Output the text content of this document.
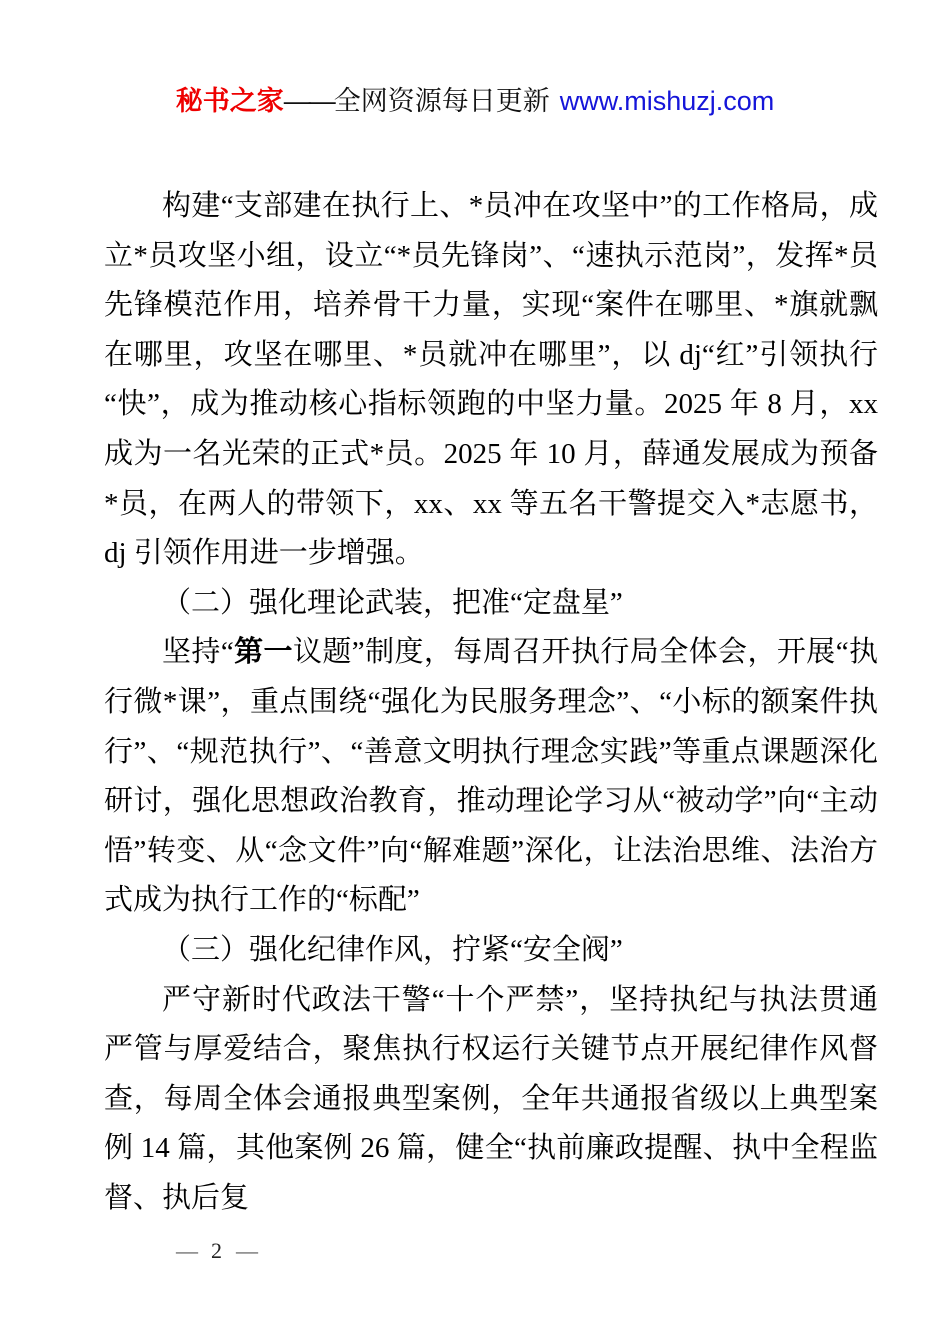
秘书之家——全网资源每日更新 www.mishuzj.com

构建“支部建在执行上、*员冲在攻坚中”的工作格局，成立*员攻坚小组，设立“*员先锋岗”、“速执示范岗”，发挥*员先锋模范作用，培养骨干力量，实现“案件在哪里、*旗就飘在哪里，攻坚在哪里、*员就冲在哪里”，以 dj“红”引领执行“快”，成为推动核心指标领跑的中坚力量。2025 年 8 月，xx 成为一名光荣的正式*员。2025 年 10 月，薛通发展成为预备*员，在两人的带领下，xx、xx 等五名干警提交入*志愿书，dj 引领作用进一步增强。

（二）强化理论武装，把准“定盘星”

坚持“第一议题”制度，每周召开执行局全体会，开展“执行微*课”，重点围绕“强化为民服务理念”、“小标的额案件执行”、“规范执行”、“善意文明执行理念实践”等重点课题深化研讨，强化思想政治教育，推动理论学习从“被动学”向“主动悟”转变、从“念文件”向“解难题”深化，让法治思维、法治方式成为执行工作的“标配”

（三）强化纪律作风，拧紧“安全阀”

严守新时代政法干警“十个严禁”，坚持执纪与执法贯通严管与厚爱结合，聚焦执行权运行关键节点开展纪律作风督查，每周全体会通报典型案例，全年共通报省级以上典型案例 14 篇，其他案例 26 篇，健全“执前廉政提醒、执中全程监督、执后复

— 2 —
